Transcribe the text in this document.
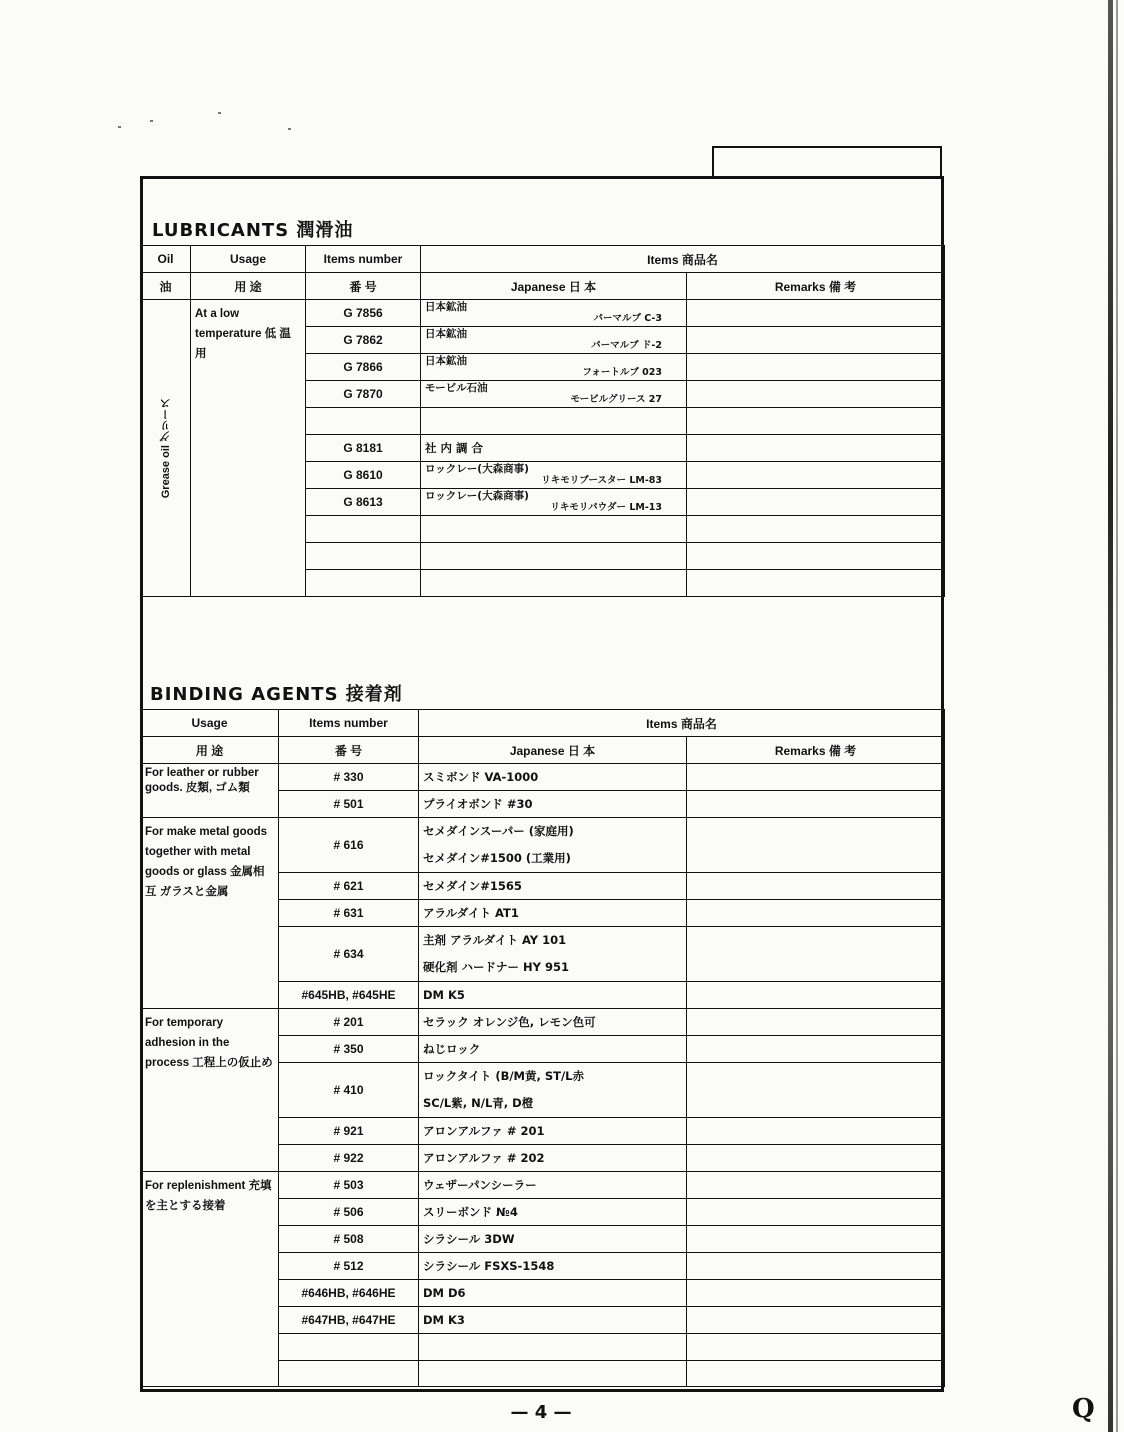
LUBRICANTS 潤滑油
Oil	Usage	Items number	Items 商品名	
油	用 途	番 号	Japanese 日 本	Remarks 備 考

Grease oil グリース	At a low temperature 低 温 用	G 7856	日本鉱油
パーマルブ C-3	

		G 7862	日本鉱油
パーマルブ ド-2	

		G 7866	日本鉱油
フォートルブ 023	

		G 7870	モービル石油
モービルグリース 27	

		G 8181	社 内 調 合	
		G 8610	ロックレー(大森商事)
リキモリブースター LM-83	

		G 8613	ロックレー(大森商事)
リキモリパウダー LM-13	

BINDING AGENTS 接着剤
Usage	Items number	Items 商品名	
用 途	番 号	Japanese 日 本	Remarks 備 考
For leather or rubber goods. 皮類, ゴム類	# 330	スミボンド VA-1000	
	# 501	プライオボンド #30	
For make metal goods together with metal goods or glass 金属相互 ガラスと金属	# 616	セメダインスーパー (家庭用)
セメダイン#1500 (工業用)	

	# 621	セメダイン#1565	
	# 631	アラルダイト AT1	
	# 634	主剤 アラルダイト AY 101
硬化剤 ハードナー HY 951	

	#645HB, #645HE	DM K5	
For temporary adhesion in the process 工程上の仮止め	# 201	セラック オレンジ色, レモン色可	
	# 350	ねじロック	
	# 410	ロックタイト (B/M黄, ST/L赤
SC/L紫, N/L青, D橙	

	# 921	アロンアルファ # 201	
	# 922	アロンアルファ # 202	
For replenishment 充填を主とする接着	# 503	ウェザーパンシーラー	
	# 506	スリーボンド №4	
	# 508	シラシール 3DW	
	# 512	シラシール FSXS-1548	
	#646HB, #646HE	DM D6	
	#647HB, #647HE	DM K3	

— 4 —	Q
